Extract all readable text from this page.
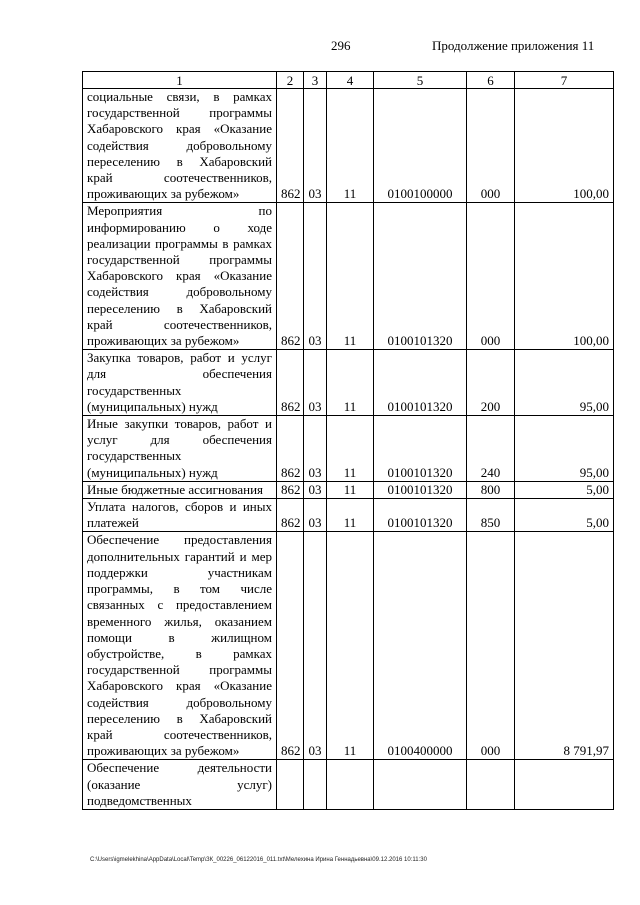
296	Продолжение приложения 11
1	2	3	4	5	6	7
социальные связи, в рамках государственной программы Хабаровского края «Оказание содействия добровольному переселению в Хабаровский край соотечественников, проживающих за рубежом»	862	03	11	0100100000	000	100,00
Мероприятия по информированию о ходе реализации программы в рамках государственной программы Хабаровского края «Оказание содействия добровольному переселению в Хабаровский край соотечественников, проживающих за рубежом»	862	03	11	0100101320	000	100,00
Закупка товаров, работ и услуг для обеспечения государственных (муниципальных) нужд	862	03	11	0100101320	200	95,00
Иные закупки товаров, работ и услуг для обеспечения государственных (муниципальных) нужд	862	03	11	0100101320	240	95,00
Иные бюджетные ассигнования	862	03	11	0100101320	800	5,00
Уплата налогов, сборов и иных платежей	862	03	11	0100101320	850	5,00
Обеспечение предоставления дополнительных гарантий и мер поддержки участникам программы, в том числе связанных с предоставлением временного жилья, оказанием помощи в жилищном обустройстве, в рамках государственной программы Хабаровского края «Оказание содействия добровольному переселению в Хабаровский край соотечественников, проживающих за рубежом»	862	03	11	0100400000	000	8 791,97
Обеспечение деятельности (оказание услуг) подведомственных						
C:\Users\igmelekhina\AppData\Local\Temp\ЗК_00226_06122016_011.txt\Мелехина Ирина Геннадьевна\09.12.2016 10:11:30
